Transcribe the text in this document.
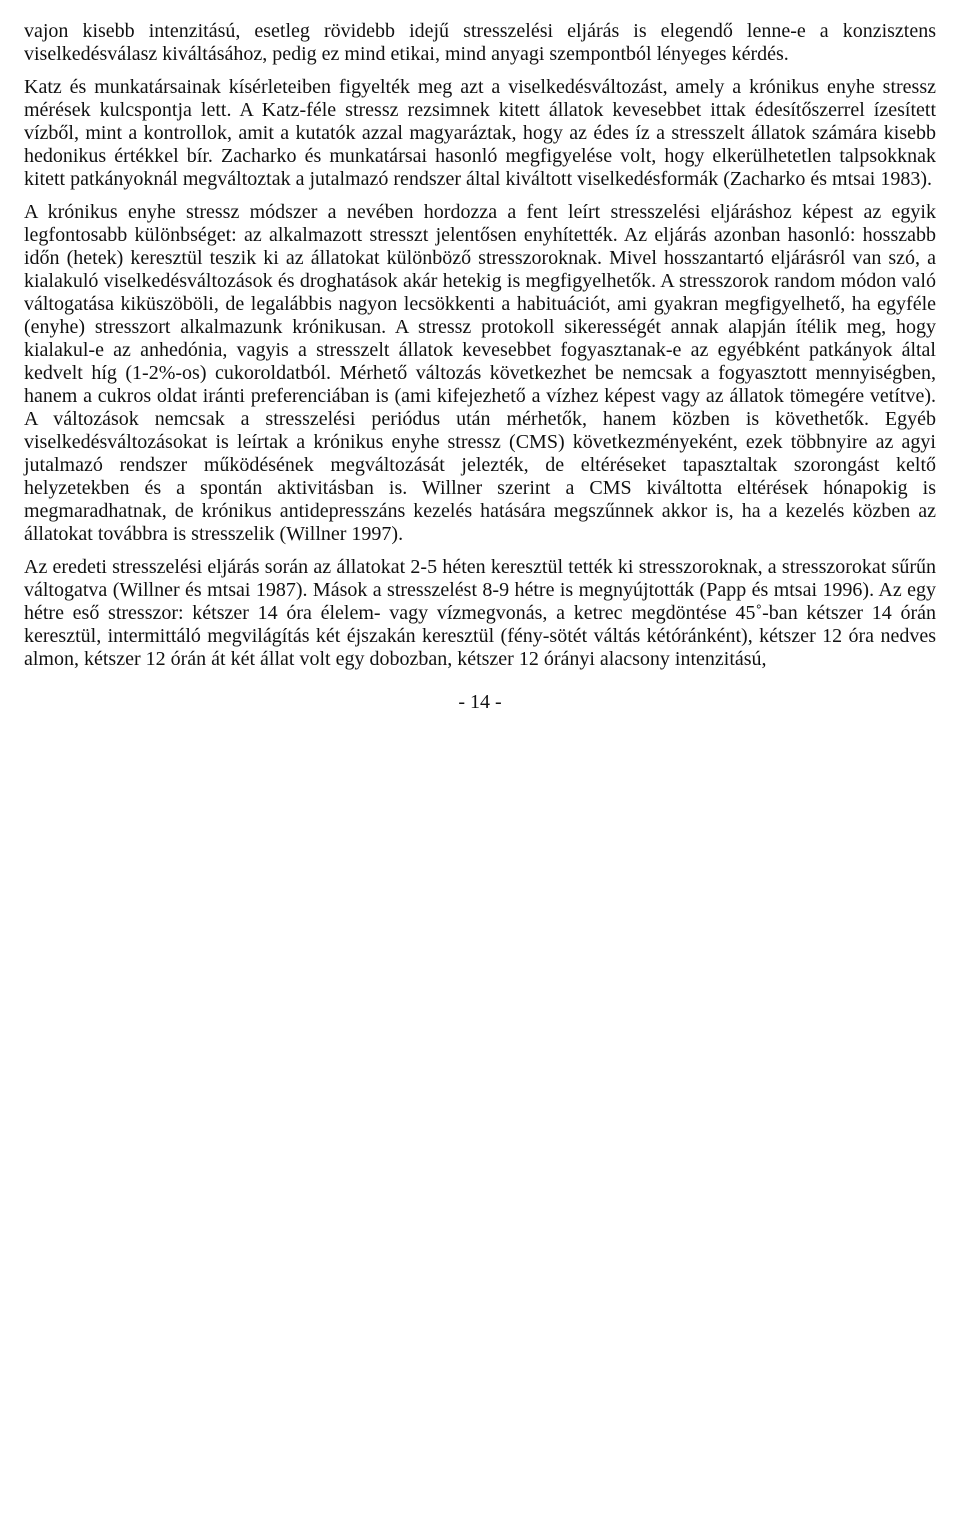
vajon kisebb intenzitású, esetleg rövidebb idejű stresszelési eljárás is elegendő lenne-e a konzisztens viselkedésválasz kiváltásához, pedig ez mind etikai, mind anyagi szempontból lényeges kérdés.

Katz és munkatársainak kísérleteiben figyelték meg azt a viselkedésváltozást, amely a krónikus enyhe stressz mérések kulcspontja lett. A Katz-féle stressz rezsimnek kitett állatok kevesebbet ittak édesítőszerrel ízesített vízből, mint a kontrollok, amit a kutatók azzal magyaráztak, hogy az édes íz a stresszelt állatok számára kisebb hedonikus értékkel bír. Zacharko és munkatársai hasonló megfigyelése volt, hogy elkerülhetetlen talpsokknak kitett patkányoknál megváltoztak a jutalmazó rendszer által kiváltott viselkedésformák (Zacharko és mtsai 1983).

A krónikus enyhe stressz módszer a nevében hordozza a fent leírt stresszelési eljáráshoz képest az egyik legfontosabb különbséget: az alkalmazott stresszt jelentősen enyhítették. Az eljárás azonban hasonló: hosszabb időn (hetek) keresztül teszik ki az állatokat különböző stresszoroknak. Mivel hosszantartó eljárásról van szó, a kialakuló viselkedésváltozások és droghatások akár hetekig is megfigyelhetők. A stresszorok random módon való váltogatása kiküszöböli, de legalábbis nagyon lecsökkenti a habituációt, ami gyakran megfigyelhető, ha egyféle (enyhe) stresszort alkalmazunk krónikusan. A stressz protokoll sikerességét annak alapján ítélik meg, hogy kialakul-e az anhedónia, vagyis a stresszelt állatok kevesebbet fogyasztanak-e az egyébként patkányok által kedvelt híg (1-2%-os) cukoroldatból. Mérhető változás következhet be nemcsak a fogyasztott mennyiségben, hanem a cukros oldat iránti preferenciában is (ami kifejezhető a vízhez képest vagy az állatok tömegére vetítve). A változások nemcsak a stresszelési periódus után mérhetők, hanem közben is követhetők. Egyéb viselkedésváltozásokat is leírtak a krónikus enyhe stressz (CMS) következményeként, ezek többnyire az agyi jutalmazó rendszer működésének megváltozását jelezték, de eltéréseket tapasztaltak szorongást keltő helyzetekben és a spontán aktivitásban is. Willner szerint a CMS kiváltotta eltérések hónapokig is megmaradhatnak, de krónikus antidepresszáns kezelés hatására megszűnnek akkor is, ha a kezelés közben az állatokat továbbra is stresszelik (Willner 1997).

Az eredeti stresszelési eljárás során az állatokat 2-5 héten keresztül tették ki stresszoroknak, a stresszorokat sűrűn váltogatva (Willner és mtsai 1987). Mások a stresszelést 8-9 hétre is megnyújtották (Papp és mtsai 1996). Az egy hétre eső stresszor: kétszer 14 óra élelem- vagy vízmegvonás, a ketrec megdöntése 45˚-ban kétszer 14 órán keresztül, intermittáló megvilágítás két éjszakán keresztül (fény-sötét váltás kétóránként), kétszer 12 óra nedves almon, kétszer 12 órán át két állat volt egy dobozban, kétszer 12 órányi alacsony intenzitású,

- 14 -
